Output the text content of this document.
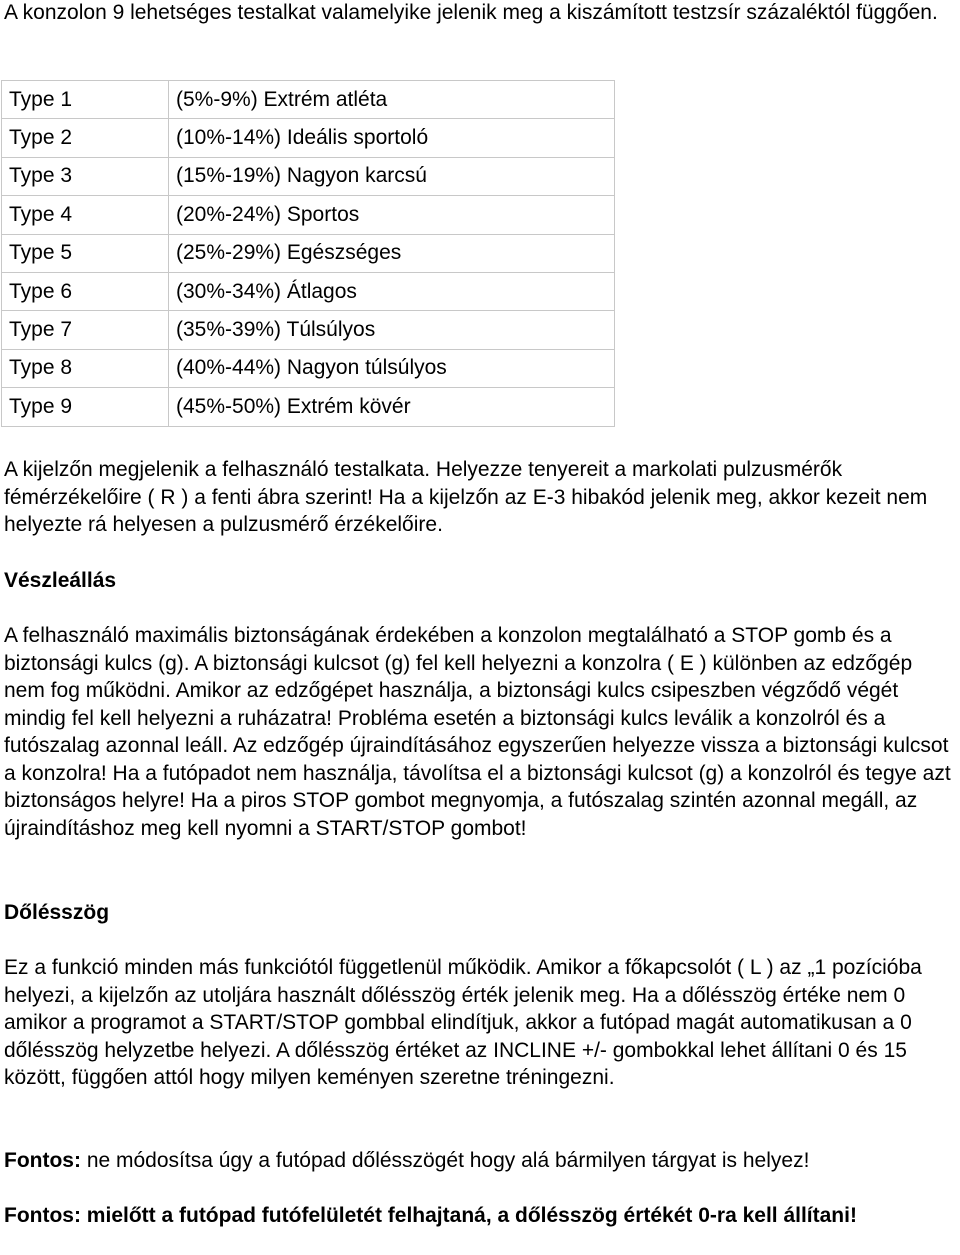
A konzolon 9 lehetséges testalkat valamelyike jelenik meg a kiszámított testzsír százaléktól függően.

Type 1	(5%-9%) Extrém atléta
Type 2	(10%-14%) Ideális sportoló
Type 3	(15%-19%) Nagyon karcsú
Type 4	(20%-24%) Sportos
Type 5	(25%-29%) Egészséges
Type 6	(30%-34%) Átlagos
Type 7	(35%-39%) Túlsúlyos
Type 8	(40%-44%) Nagyon túlsúlyos
Type 9	(45%-50%) Extrém kövér

A kijelzőn megjelenik a felhasználó testalkata. Helyezze tenyereit a markolati pulzusmérők fémérzékelőire ( R ) a fenti ábra szerint! Ha a kijelzőn az E-3 hibakód jelenik meg, akkor kezeit nem helyezte rá helyesen a pulzusmérő érzékelőire.

Vészleállás

A felhasználó maximális biztonságának érdekében a konzolon megtalálható a STOP gomb és a biztonsági kulcs (g). A biztonsági kulcsot (g) fel kell helyezni a konzolra ( E ) különben az edzőgép nem fog működni. Amikor az edzőgépet használja, a biztonsági kulcs csipeszben végződő végét mindig fel kell helyezni a ruházatra! Probléma esetén a biztonsági kulcs leválik a konzolról és a futószalag azonnal leáll. Az edzőgép újraindításához egyszerűen helyezze vissza a biztonsági kulcsot a konzolra! Ha a futópadot nem használja, távolítsa el a biztonsági kulcsot (g) a konzolról és tegye azt biztonságos helyre! Ha a piros STOP gombot megnyomja, a futószalag szintén azonnal megáll, az újraindításhoz meg kell nyomni a START/STOP gombot!

Dőlésszög

Ez a funkció minden más funkciótól függetlenül működik. Amikor a főkapcsolót ( L ) az „1 pozícióba helyezi, a kijelzőn az utoljára használt dőlésszög érték jelenik meg. Ha a dőlésszög értéke nem 0 amikor a programot a START/STOP gombbal elindítjuk, akkor a futópad magát automatikusan a 0 dőlésszög helyzetbe helyezi. A dőlésszög értéket az INCLINE +/- gombokkal lehet állítani 0 és 15 között, függően attól hogy milyen keményen szeretne tréningezni.

Fontos: ne módosítsa úgy a futópad dőlésszögét hogy alá bármilyen tárgyat is helyez!

Fontos: mielőtt a futópad futófelületét felhajtaná, a dőlésszög értékét 0-ra kell állítani!
